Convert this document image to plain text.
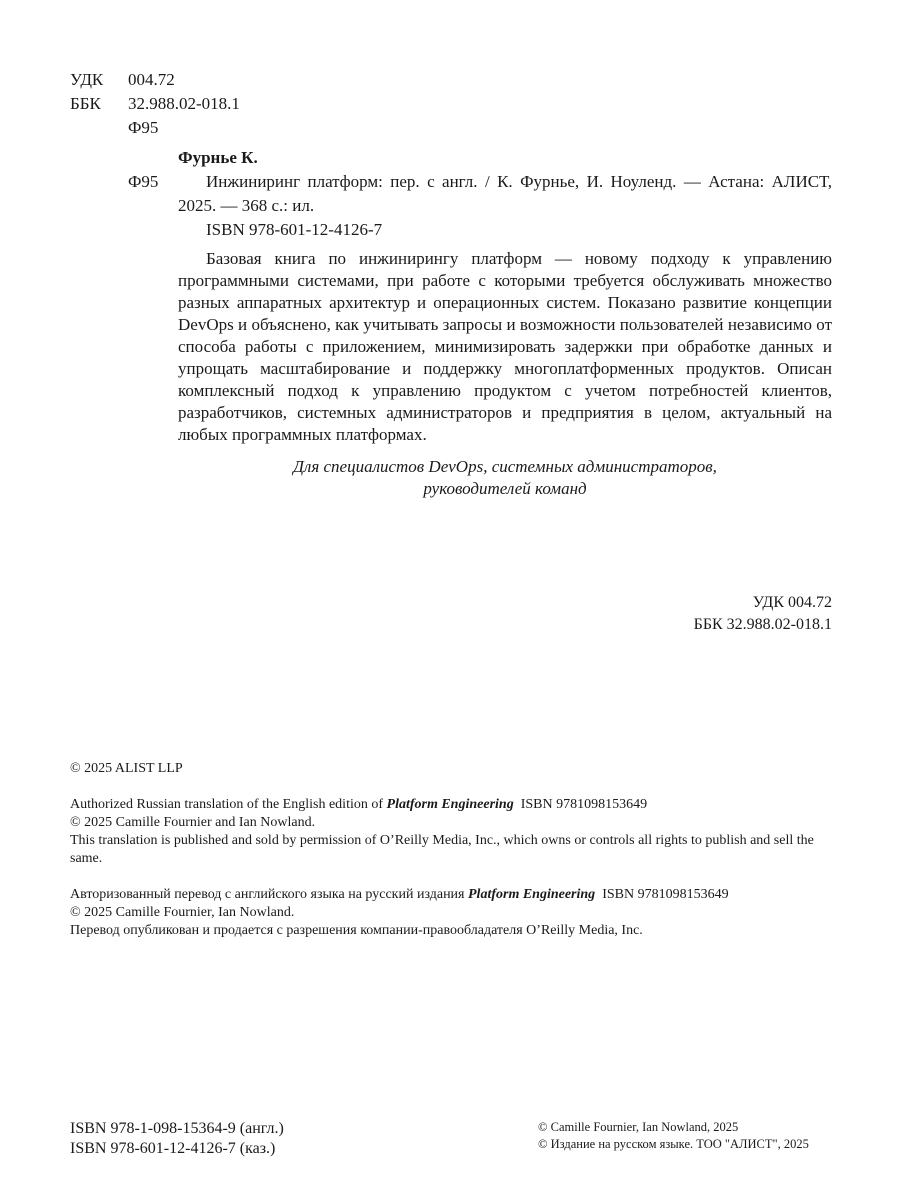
УДК 004.72
ББК 32.988.02-018.1
Ф95
Фурнье К.
Ф95	Инжиниринг платформ: пер. с англ. / К. Фурнье, И. Ноуленд. — Астана: АЛИСТ, 2025. — 368 с.: ил.
ISBN 978-601-12-4126-7

Базовая книга по инжинирингу платформ — новому подходу к управлению программными системами, при работе с которыми требуется обслуживать множество разных аппаратных архитектур и операционных систем. Показано развитие концепции DevOps и объяснено, как учитывать запросы и возможности пользователей независимо от способа работы с приложением, минимизировать задержки при обработке данных и упрощать масштабирование и поддержку многоплатформенных продуктов. Описан комплексный подход к управлению продуктом с учетом потребностей клиентов, разработчиков, системных администраторов и предприятия в целом, актуальный на любых программных платформах.

Для специалистов DevOps, системных администраторов,
руководителей команд
УДК 004.72
ББК 32.988.02-018.1

© 2025 ALIST LLP

Authorized Russian translation of the English edition of Platform Engineering ISBN 9781098153649

© 2025 Camille Fournier and Ian Nowland.

This translation is published and sold by permission of O’Reilly Media, Inc., which owns or controls all rights to publish and sell the same.

Авторизованный перевод с английского языка на русский издания Platform Engineering ISBN 9781098153649

© 2025 Camille Fournier, Ian Nowland.

Перевод опубликован и продается с разрешения компании-правообладателя O’Reilly Media, Inc.

ISBN 978-1-098-15364-9 (англ.)
ISBN 978-601-12-4126-7 (каз.)
© Camille Fournier, Ian Nowland, 2025
© Издание на русском языке. ТОО "АЛИСТ", 2025
